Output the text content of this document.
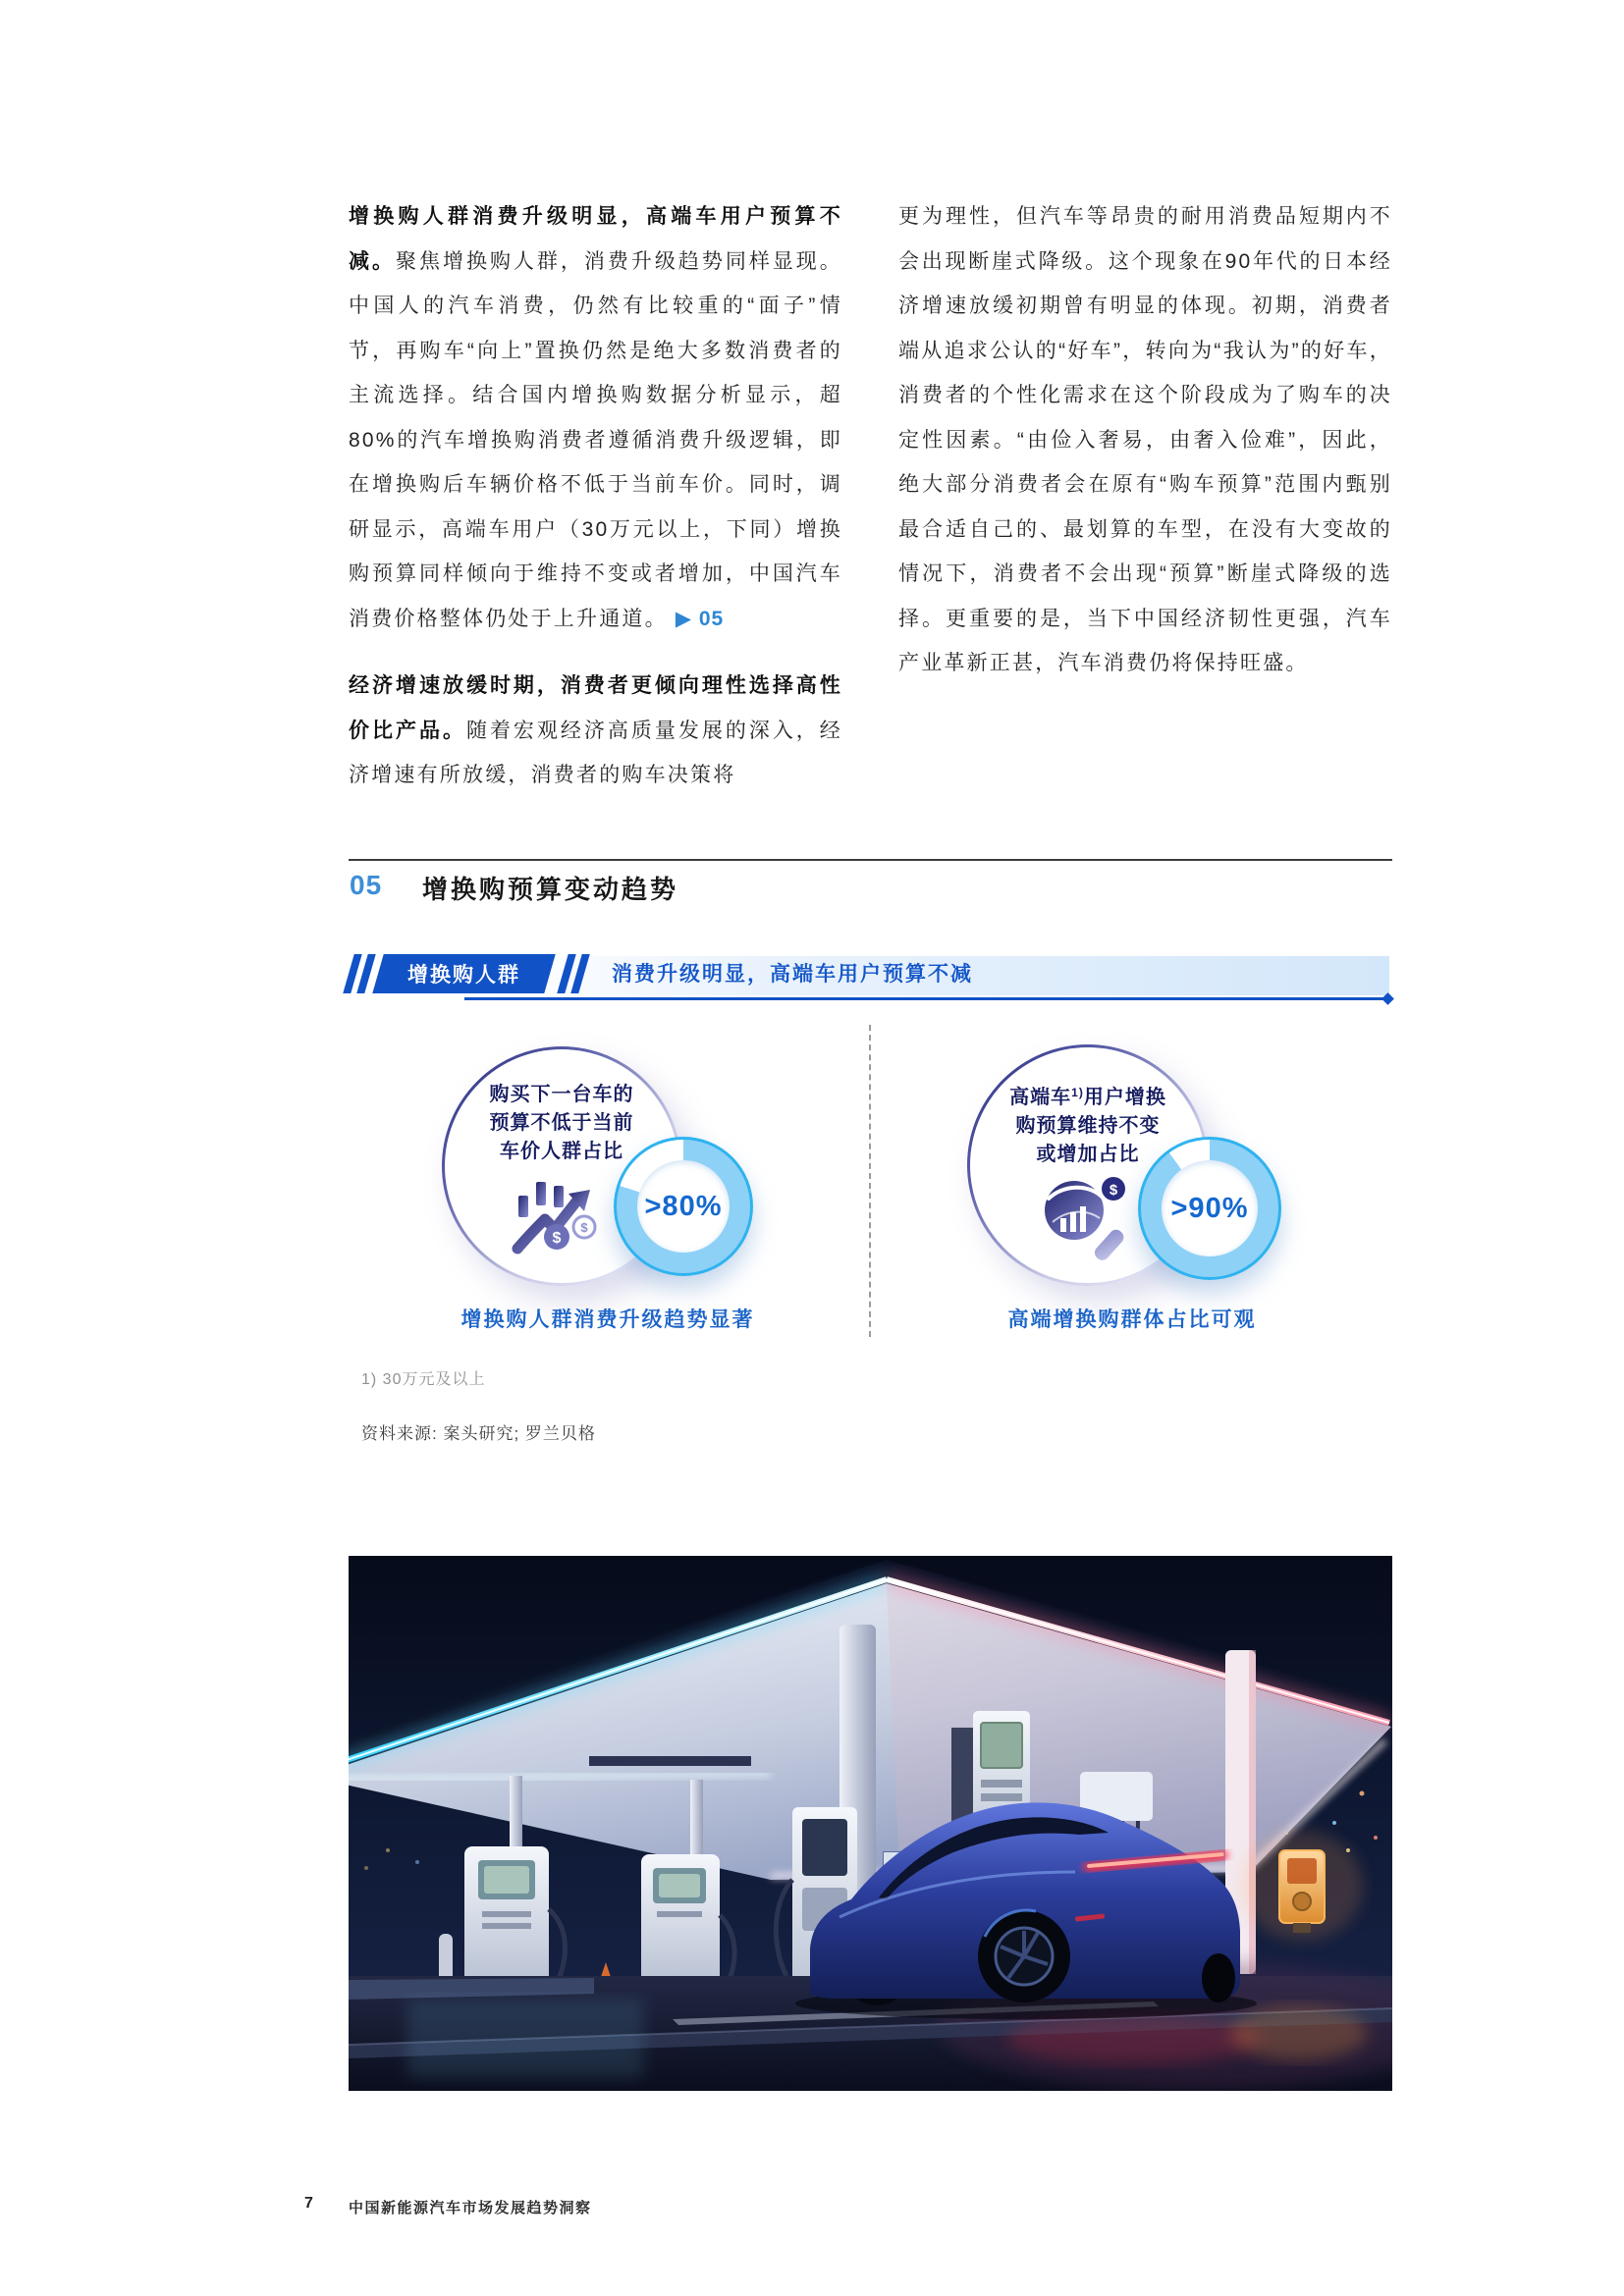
增换购人群消费升级明显，高端车用户预算不减。聚焦增换购人群，消费升级趋势同样显现。中国人的汽车消费，仍然有比较重的“面子”情节，再购车“向上”置换仍然是绝大多数消费者的主流选择。结合国内增换购数据分析显示，超80%的汽车增换购消费者遵循消费升级逻辑，即在增换购后车辆价格不低于当前车价。同时，调研显示，高端车用户（30万元以上，下同）增换购预算同样倾向于维持不变或者增加，中国汽车消费价格整体仍处于上升通道。 ▶ 05

经济增速放缓时期，消费者更倾向理性选择高性价比产品。随着宏观经济高质量发展的深入，经济增速有所放缓，消费者的购车决策将

更为理性，但汽车等昂贵的耐用消费品短期内不会出现断崖式降级。这个现象在90年代的日本经济增速放缓初期曾有明显的体现。初期，消费者端从追求公认的“好车”，转向为“我认为”的好车，消费者的个性化需求在这个阶段成为了购车的决定性因素。“由俭入奢易，由奢入俭难”，因此，绝大部分消费者会在原有“购车预算”范围内甄别最合适自己的、最划算的车型，在没有大变故的情况下，消费者不会出现“预算”断崖式降级的选择。更重要的是，当下中国经济韧性更强，汽车产业革新正甚，汽车消费仍将保持旺盛。

05 增换购预算变动趋势
增换购人群	消费升级明显，高端车用户预算不减
购买下一台车的预算不低于当前车价人群占比
$
$
>80%
增换购人群消费升级趋势显著
高端车$^{1)}$用户增换购预算维持不变或增加占比
$
>90%
高端增换购群体占比可观
1) 30万元及以上
资料来源: 案头研究; 罗兰贝格
7 中国新能源汽车市场发展趋势洞察
